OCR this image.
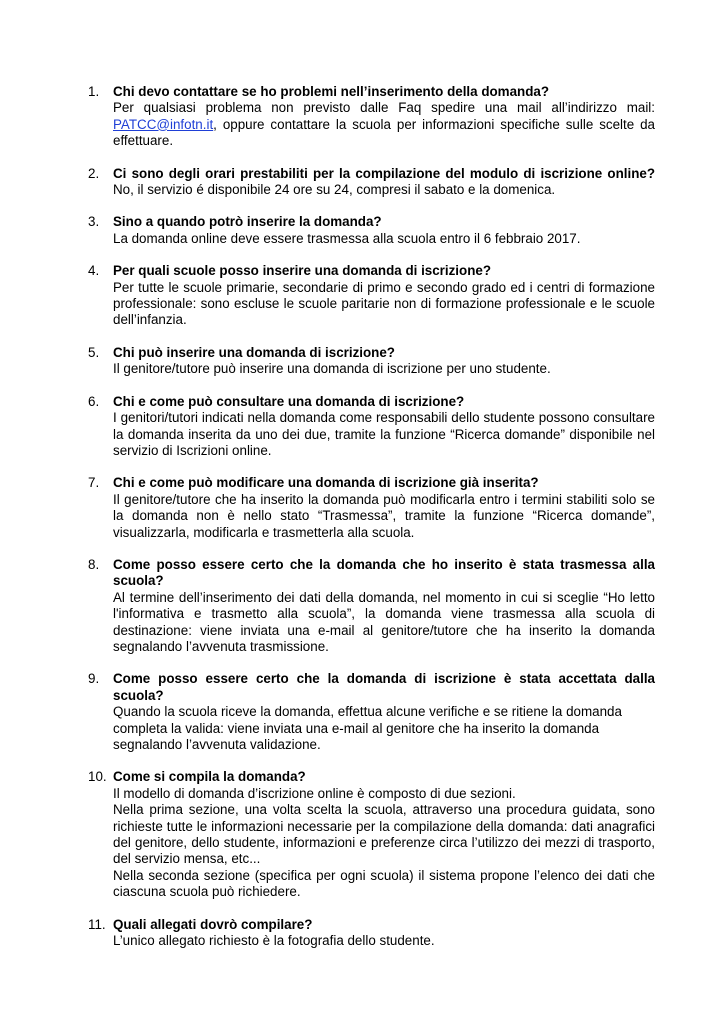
1. Chi devo contattare se ho problemi nell’inserimento della domanda?
Per qualsiasi problema non previsto dalle Faq spedire una mail all’indirizzo mail: PATCC@infotn.it, oppure contattare la scuola per informazioni specifiche sulle scelte da effettuare.
2. Ci sono degli orari prestabiliti per la compilazione del modulo di iscrizione online? No, il servizio é disponibile 24 ore su 24, compresi il sabato e la domenica.
3. Sino a quando potrò inserire la domanda?
La domanda online deve essere trasmessa alla scuola entro il 6 febbraio 2017.
4. Per quali scuole posso inserire una domanda di iscrizione?
Per tutte le scuole primarie, secondarie di primo e secondo grado ed i centri di formazione professionale: sono escluse le scuole paritarie non di formazione professionale e le scuole dell’infanzia.
5. Chi può inserire una domanda di iscrizione?
Il genitore/tutore può inserire una domanda di iscrizione per uno studente.
6. Chi e come può consultare una domanda di iscrizione?
I genitori/tutori indicati nella domanda come responsabili dello studente possono consultare la domanda inserita da uno dei due, tramite la funzione “Ricerca domande” disponibile nel servizio di Iscrizioni online.
7. Chi e come può modificare una domanda di iscrizione già inserita?
Il genitore/tutore che ha inserito la domanda può modificarla entro i termini stabiliti solo se la domanda non è nello stato “Trasmessa”, tramite la funzione “Ricerca domande”, visualizzarla, modificarla e trasmetterla alla scuola.
8. Come posso essere certo che la domanda che ho inserito è stata trasmessa alla scuola?
Al termine dell’inserimento dei dati della domanda, nel momento in cui si sceglie “Ho letto l'informativa e trasmetto alla scuola”, la domanda viene trasmessa alla scuola di destinazione: viene inviata una e-mail al genitore/tutore che ha inserito la domanda segnalando l’avvenuta trasmissione.
9. Come posso essere certo che la domanda di iscrizione è stata accettata dalla scuola?
Quando la scuola riceve la domanda, effettua alcune verifiche e se ritiene la domanda
completa la valida: viene inviata una e-mail al genitore che ha inserito la domanda
segnalando l’avvenuta validazione.
10. Come si compila la domanda?
Il modello di domanda d’iscrizione online è composto di due sezioni.
Nella prima sezione, una volta scelta la scuola, attraverso una procedura guidata, sono richieste tutte le informazioni necessarie per la compilazione della domanda: dati anagrafici del genitore, dello studente, informazioni e preferenze circa l’utilizzo dei mezzi di trasporto, del servizio mensa, etc...
Nella seconda sezione (specifica per ogni scuola) il sistema propone l’elenco dei dati che ciascuna scuola può richiedere.
11. Quali allegati dovrò compilare?
L’unico allegato richiesto è la fotografia dello studente.
